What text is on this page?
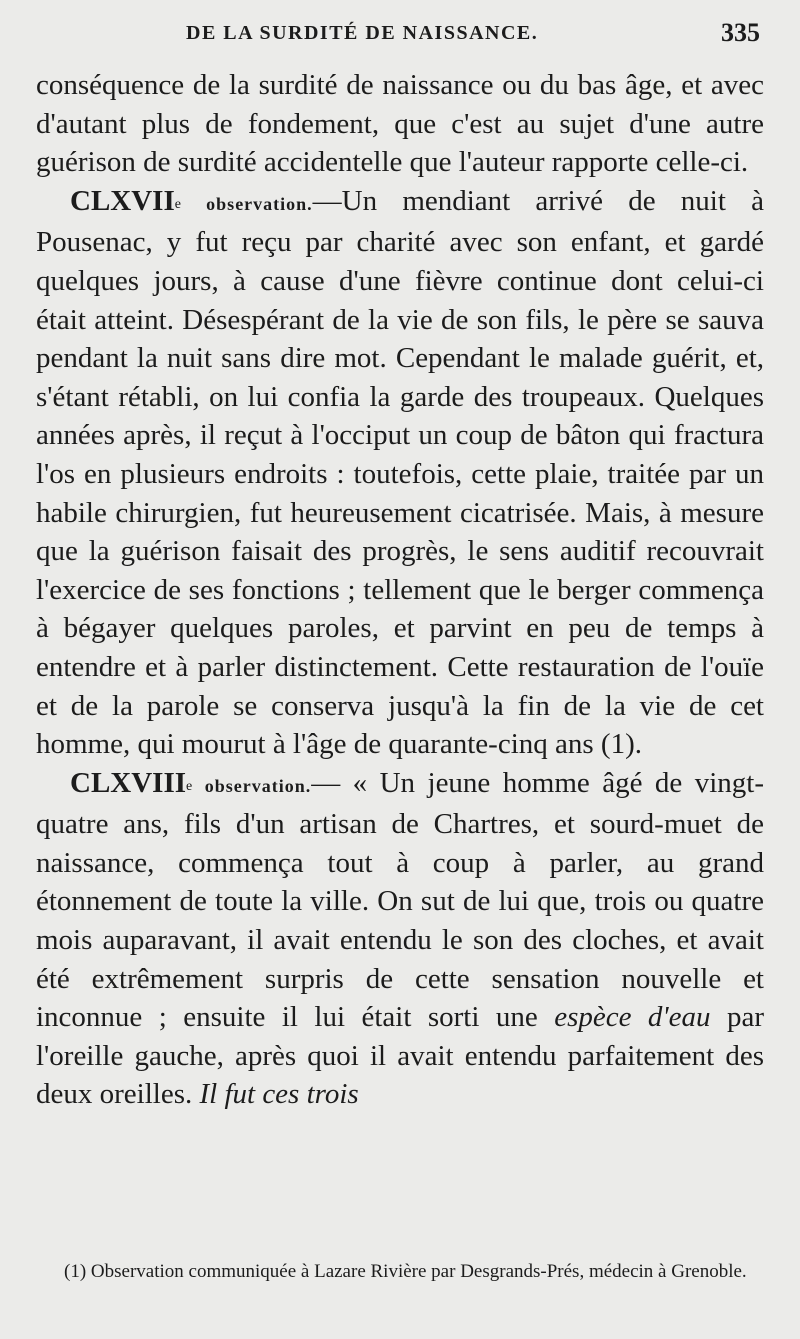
DE LA SURDITÉ DE NAISSANCE.	335

conséquence de la surdité de naissance ou du bas âge, et avec d'autant plus de fondement, que c'est au sujet d'une autre guérison de surdité accidentelle que l'auteur rapporte celle-ci.

CLXVIIe observation.—Un mendiant arrivé de nuit à Pousenac, y fut reçu par charité avec son enfant, et gardé quelques jours, à cause d'une fièvre continue dont celui-ci était atteint. Désespérant de la vie de son fils, le père se sauva pendant la nuit sans dire mot. Cependant le malade guérit, et, s'étant rétabli, on lui confia la garde des troupeaux. Quelques années après, il reçut à l'occiput un coup de bâton qui fractura l'os en plusieurs endroits : toutefois, cette plaie, traitée par un habile chirurgien, fut heureusement cicatrisée. Mais, à mesure que la guérison faisait des progrès, le sens auditif recouvrait l'exercice de ses fonctions ; tellement que le berger commença à bégayer quelques paroles, et parvint en peu de temps à entendre et à parler distinctement. Cette restauration de l'ouïe et de la parole se conserva jusqu'à la fin de la vie de cet homme, qui mourut à l'âge de quarante-cinq ans (1).

CLXVIIIe observation.— « Un jeune homme âgé de vingt-quatre ans, fils d'un artisan de Chartres, et sourd-muet de naissance, commença tout à coup à parler, au grand étonnement de toute la ville. On sut de lui que, trois ou quatre mois auparavant, il avait entendu le son des cloches, et avait été extrêmement surpris de cette sensation nouvelle et inconnue ; ensuite il lui était sorti une espèce d'eau par l'oreille gauche, après quoi il avait entendu parfaitement des deux oreilles. Il fut ces trois

(1) Observation communiquée à Lazare Rivière par Desgrands-Prés, médecin à Grenoble.
